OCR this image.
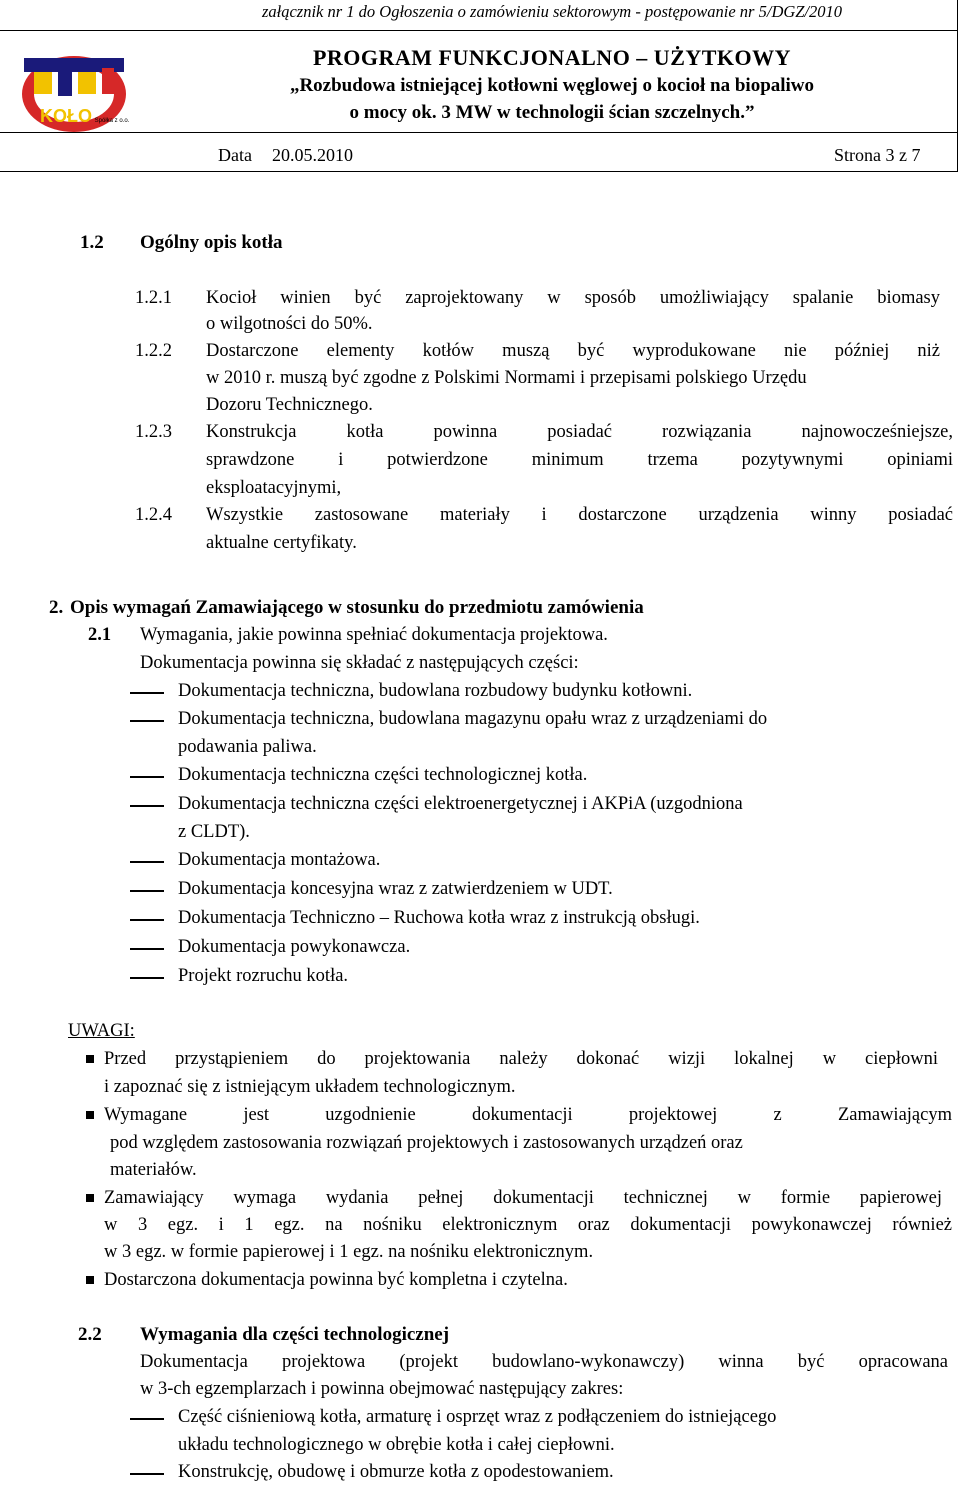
załącznik nr 1 do Ogłoszenia o zamówieniu sektorowym - postępowanie nr 5/DGZ/2010
KOŁO Spółka z o.o.
PROGRAM FUNKCJONALNO – UŻYTKOWY
„Rozbudowa istniejącej kotłowni węglowej o kocioł na biopaliwo
o mocy ok. 3 MW w technologii ścian szczelnych.”
Data 20.05.2010	Strona 3 z 7
1.2 Ogólny opis kotła
1.2.1 Kocioł winien być zaprojektowany w sposób umożliwiający spalanie biomasy
o wilgotności do 50%.
1.2.2 Dostarczone elementy kotłów muszą być wyprodukowane nie później niż
w 2010 r. muszą być zgodne z Polskimi Normami i przepisami polskiego Urzędu
Dozoru Technicznego.
1.2.3 Konstrukcja kotła powinna posiadać rozwiązania najnowocześniejsze,
sprawdzone i potwierdzone minimum trzema pozytywnymi opiniami
eksploatacyjnymi,
1.2.4 Wszystkie zastosowane materiały i dostarczone urządzenia winny posiadać
aktualne certyfikaty.
2. Opis wymagań Zamawiającego w stosunku do przedmiotu zamówienia
2.1 Wymagania, jakie powinna spełniać dokumentacja projektowa.
Dokumentacja powinna się składać z następujących części:
Dokumentacja techniczna, budowlana rozbudowy budynku kotłowni.
Dokumentacja techniczna, budowlana magazynu opału wraz z urządzeniami do
podawania paliwa.
Dokumentacja techniczna części technologicznej kotła.
Dokumentacja techniczna części elektroenergetycznej i AKPiA (uzgodniona
z CLDT).
Dokumentacja montażowa.
Dokumentacja koncesyjna wraz z zatwierdzeniem w UDT.
Dokumentacja Techniczno – Ruchowa kotła wraz z instrukcją obsługi.
Dokumentacja powykonawcza.
Projekt rozruchu kotła.
UWAGI:
Przed przystąpieniem do projektowania należy dokonać wizji lokalnej w ciepłowni
i zapoznać się z istniejącym układem technologicznym.
Wymagane jest uzgodnienie dokumentacji projektowej z Zamawiającym
pod względem zastosowania rozwiązań projektowych i zastosowanych urządzeń oraz
materiałów.
Zamawiający wymaga wydania pełnej dokumentacji technicznej w formie papierowej
w 3 egz. i 1 egz. na nośniku elektronicznym oraz dokumentacji powykonawczej również
w 3 egz. w formie papierowej i 1 egz. na nośniku elektronicznym.
Dostarczona dokumentacja powinna być kompletna i czytelna.
2.2 Wymagania dla części technologicznej
Dokumentacja projektowa (projekt budowlano-wykonawczy) winna być opracowana
w 3-ch egzemplarzach i powinna obejmować następujący zakres:
Część ciśnieniową kotła, armaturę i osprzęt wraz z podłączeniem do istniejącego
układu technologicznego w obrębie kotła i całej ciepłowni.
Konstrukcję, obudowę i obmurze kotła z opodestowaniem.
